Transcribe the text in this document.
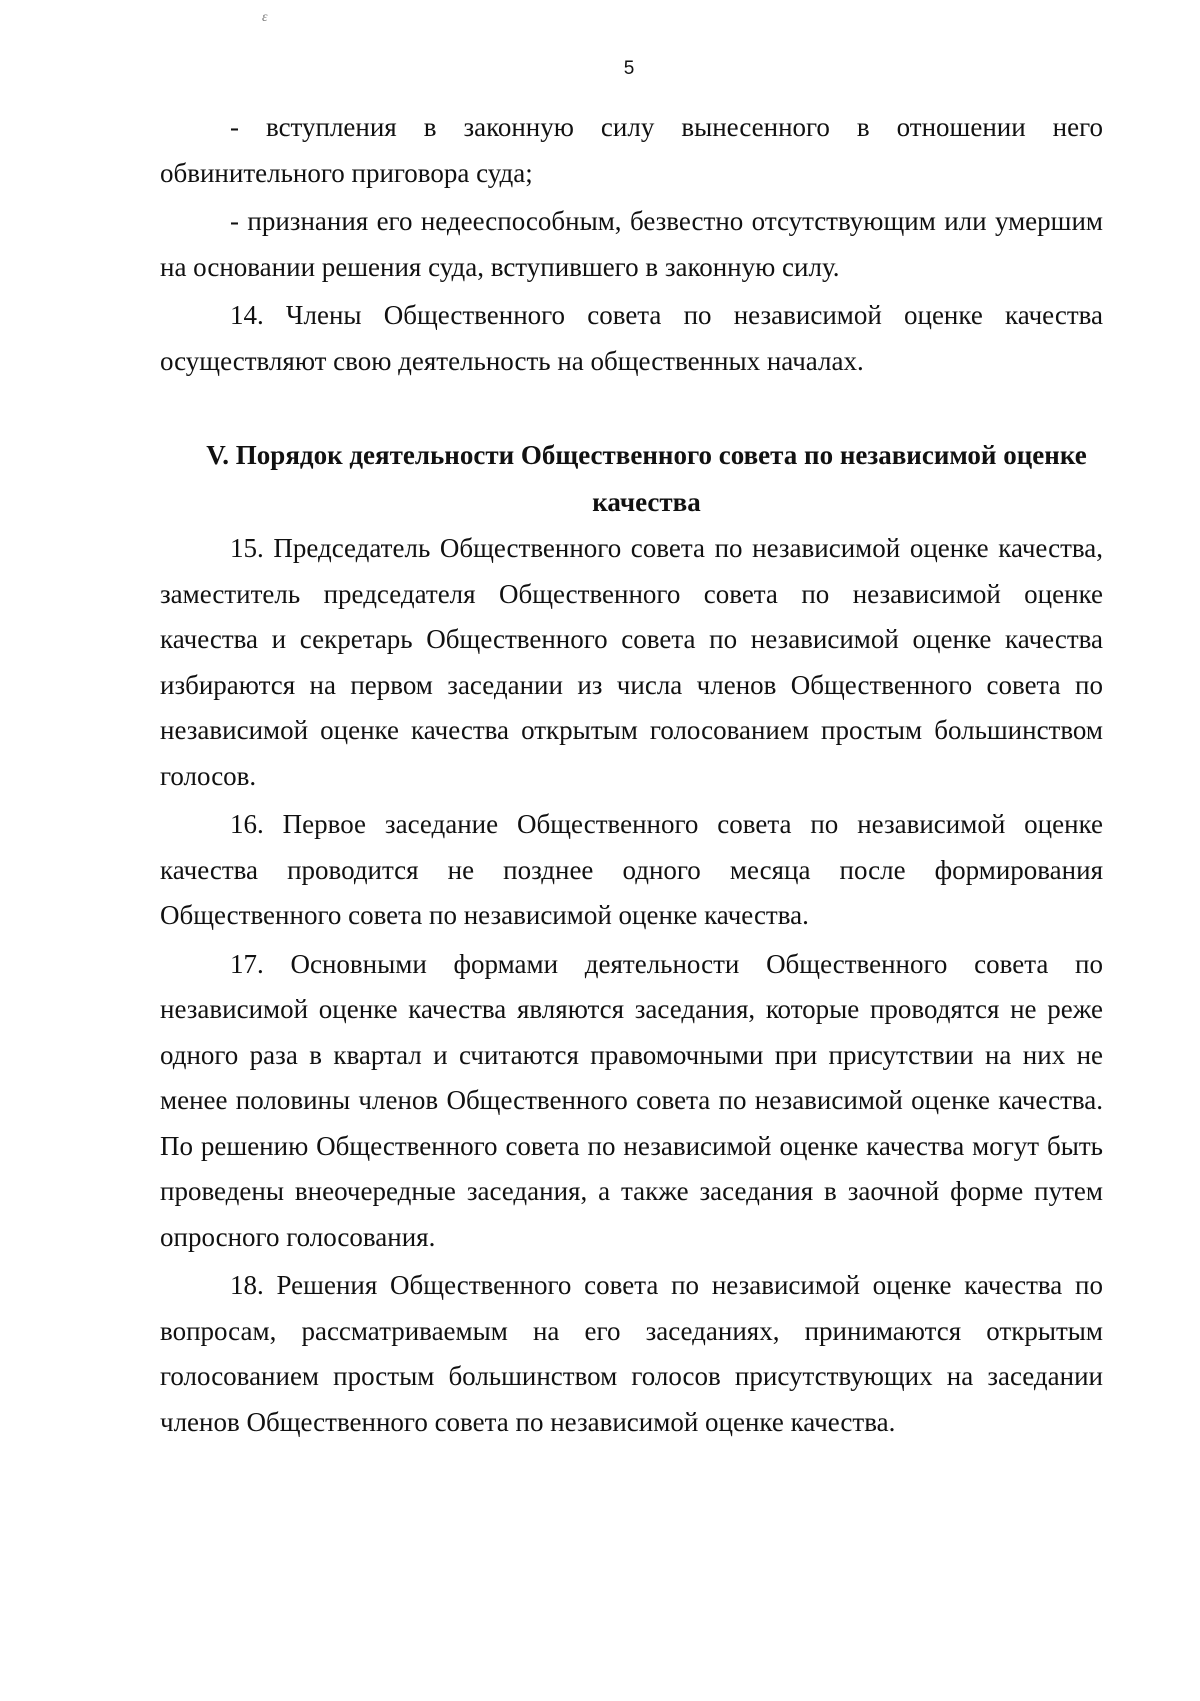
ε
5

- вступления в законную силу вынесенного в отношении него обвинительного приговора суда;

- признания его недееспособным, безвестно отсутствующим или умершим на основании решения суда, вступившего в законную силу.

14. Члены Общественного совета по независимой оценке качества осуществляют свою деятельность на общественных началах.

V. Порядок деятельности Общественного совета по независимой оценке качества

15. Председатель Общественного совета по независимой оценке качества, заместитель председателя Общественного совета по независимой оценке качества и секретарь Общественного совета по независимой оценке качества избираются на первом заседании из числа членов Общественного совета по независимой оценке качества открытым голосованием простым большинством голосов.

16. Первое заседание Общественного совета по независимой оценке качества проводится не позднее одного месяца после формирования Общественного совета по независимой оценке качества.

17. Основными формами деятельности Общественного совета по независимой оценке качества являются заседания, которые проводятся не реже одного раза в квартал и считаются правомочными при присутствии на них не менее половины членов Общественного совета по независимой оценке качества. По решению Общественного совета по независимой оценке качества могут быть проведены внеочередные заседания, а также заседания в заочной форме путем опросного голосования.

18. Решения Общественного совета по независимой оценке качества по вопросам, рассматриваемым на его заседаниях, принимаются открытым голосованием простым большинством голосов присутствующих на заседании членов Общественного совета по независимой оценке качества.
